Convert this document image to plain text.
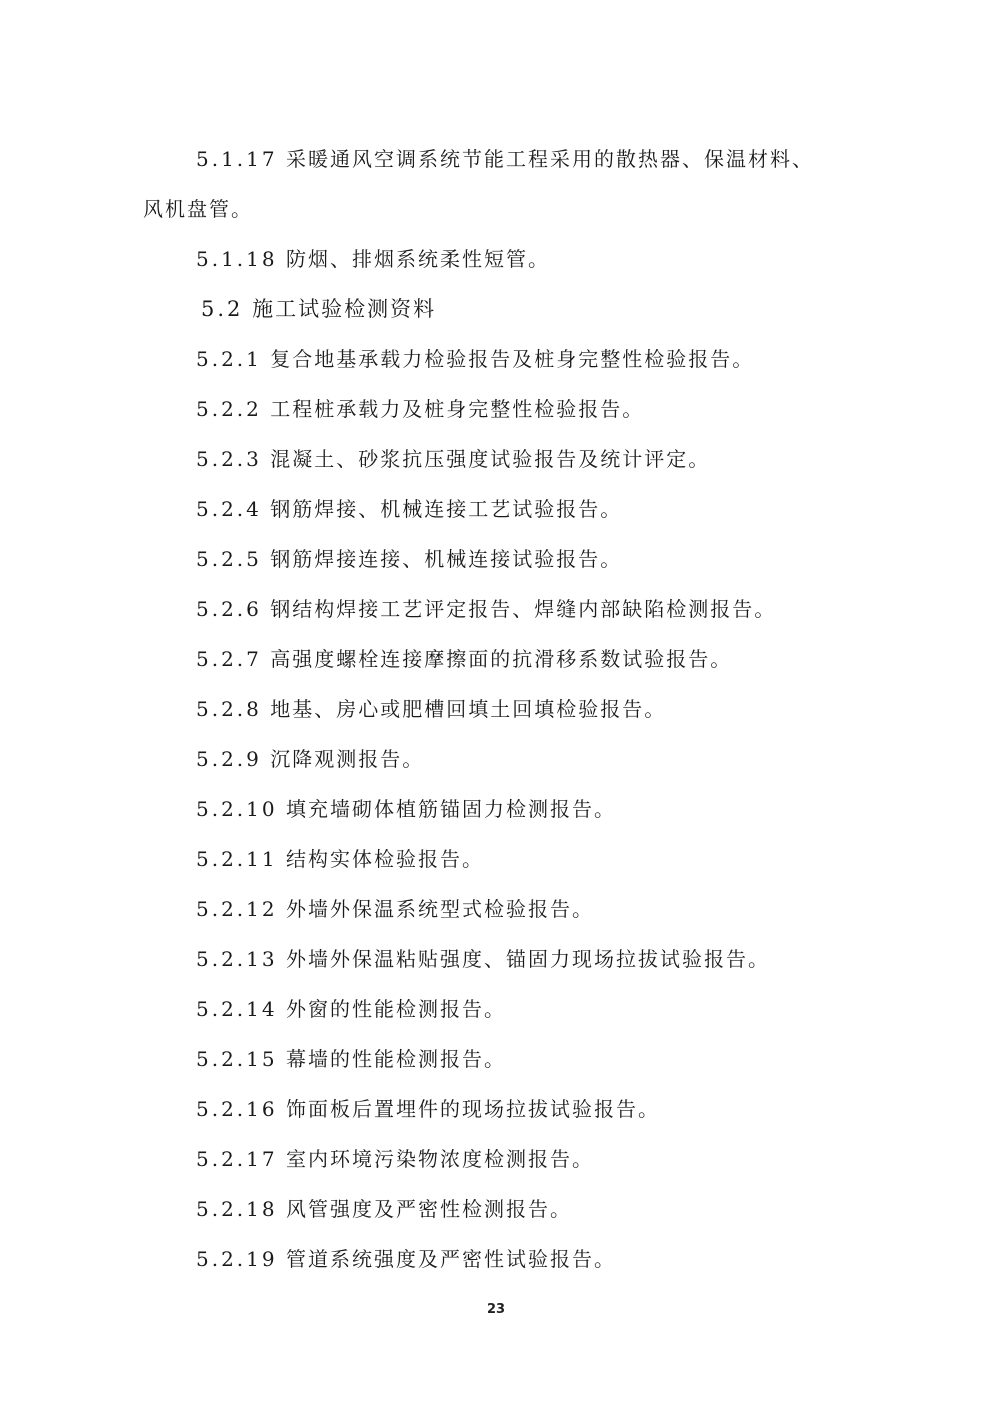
5.1.17 采暖通风空调系统节能工程采用的散热器、保温材料、
风机盘管。
5.1.18 防烟、排烟系统柔性短管。
5.2 施工试验检测资料
5.2.1 复合地基承载力检验报告及桩身完整性检验报告。
5.2.2 工程桩承载力及桩身完整性检验报告。
5.2.3 混凝土、砂浆抗压强度试验报告及统计评定。
5.2.4 钢筋焊接、机械连接工艺试验报告。
5.2.5 钢筋焊接连接、机械连接试验报告。
5.2.6 钢结构焊接工艺评定报告、焊缝内部缺陷检测报告。
5.2.7 高强度螺栓连接摩擦面的抗滑移系数试验报告。
5.2.8 地基、房心或肥槽回填土回填检验报告。
5.2.9 沉降观测报告。
5.2.10 填充墙砌体植筋锚固力检测报告。
5.2.11 结构实体检验报告。
5.2.12 外墙外保温系统型式检验报告。
5.2.13 外墙外保温粘贴强度、锚固力现场拉拔试验报告。
5.2.14 外窗的性能检测报告。
5.2.15 幕墙的性能检测报告。
5.2.16 饰面板后置埋件的现场拉拔试验报告。
5.2.17 室内环境污染物浓度检测报告。
5.2.18 风管强度及严密性检测报告。
5.2.19 管道系统强度及严密性试验报告。
23
